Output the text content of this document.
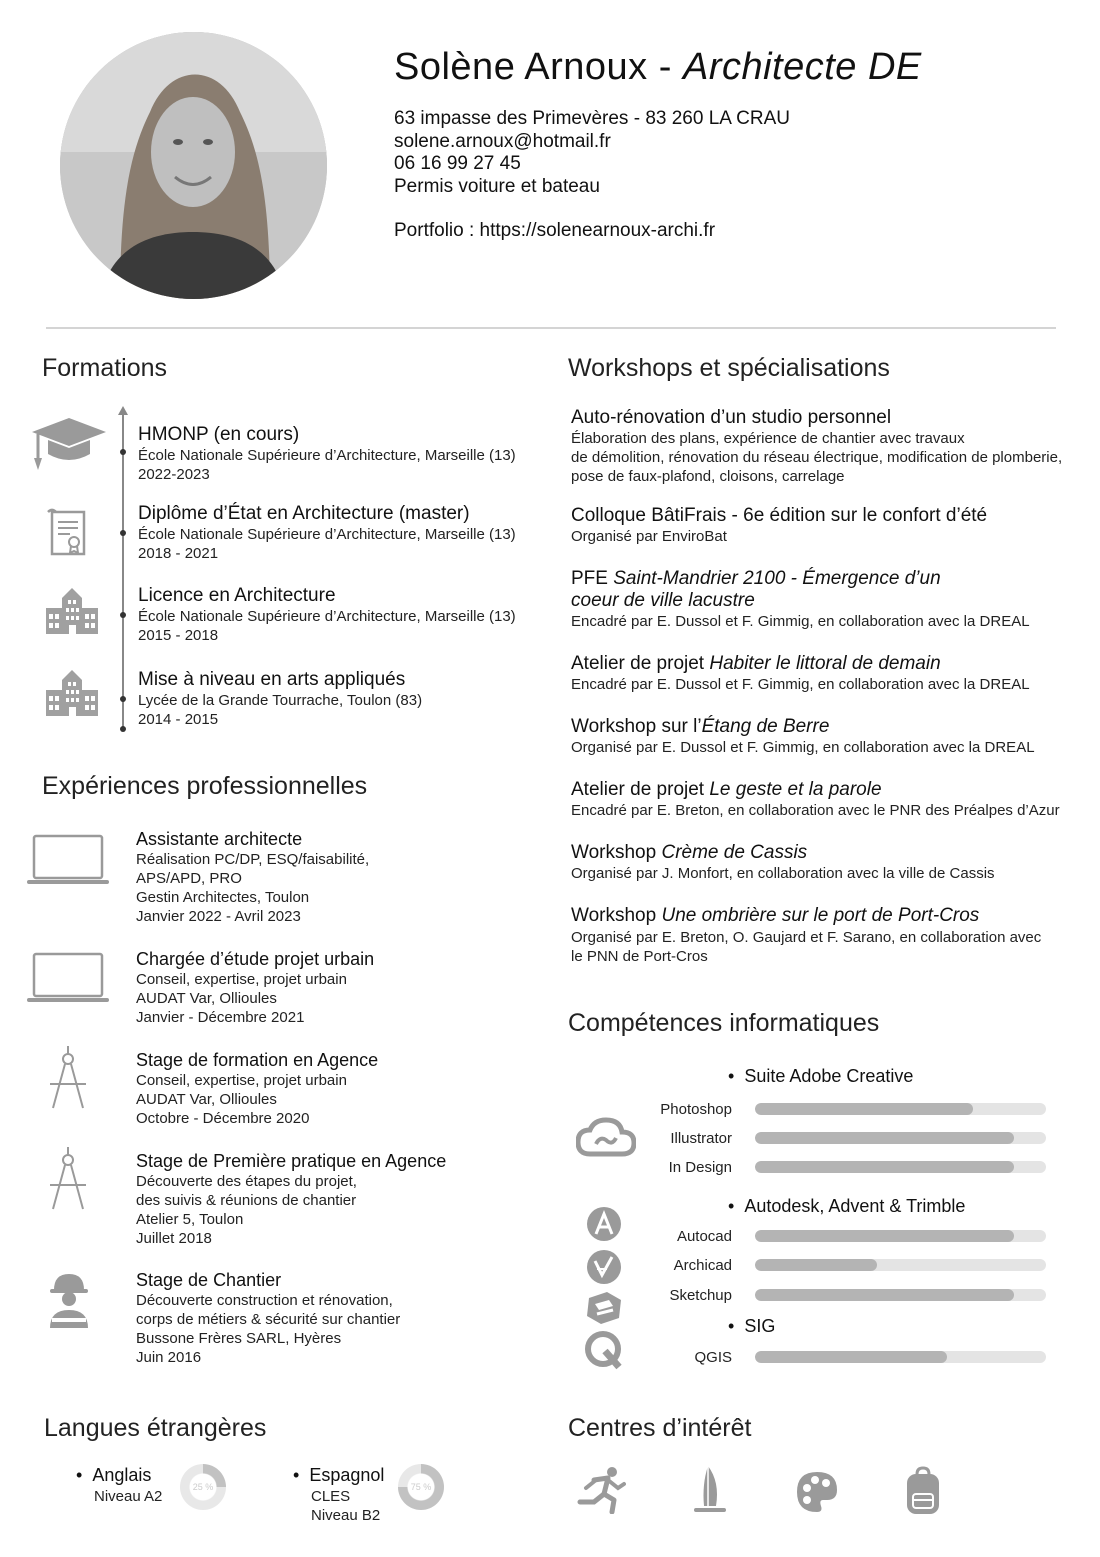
Solène Arnoux - Architecte DE
63 impasse des Primevères - 83 260 LA CRAU
solene.arnoux@hotmail.fr
06 16 99 27 45
Permis voiture et bateau
Portfolio : https://solenearnoux-archi.fr
Formations
HMONP (en cours)
École Nationale Supérieure d’Architecture, Marseille (13)
2022-2023
Diplôme d’État en Architecture (master)
École Nationale Supérieure d’Architecture, Marseille (13)
2018 - 2021
Licence en Architecture
École Nationale Supérieure d’Architecture, Marseille (13)
2015 - 2018
Mise à niveau en arts appliqués
Lycée de la Grande Tourrache, Toulon (83)
2014 - 2015
Expériences professionnelles
Assistante architecte
Réalisation PC/DP, ESQ/faisabilité,
APS/APD, PRO
Gestin Architectes, Toulon
Janvier 2022 - Avril 2023
Chargée d’étude projet urbain
Conseil, expertise, projet urbain
AUDAT Var, Ollioules
Janvier - Décembre 2021
Stage de formation en Agence
Conseil, expertise, projet urbain
AUDAT Var, Ollioules
Octobre - Décembre 2020
Stage de Première pratique en Agence
Découverte des étapes du projet,
des suivis & réunions de chantier
Atelier 5, Toulon
Juillet 2018
Stage de Chantier
Découverte construction et rénovation,
corps de métiers & sécurité sur chantier
Bussone Frères SARL, Hyères
Juin 2016
Workshops et spécialisations
Auto-rénovation d’un studio personnel
Élaboration des plans, expérience de chantier avec travaux
de démolition, rénovation du réseau électrique, modification de plomberie,
pose de faux-plafond, cloisons, carrelage
Colloque BâtiFrais - 6e édition sur le confort d’été
Organisé par EnviroBat
PFE Saint-Mandrier 2100 - Émergence d’un
coeur de ville lacustre
Encadré par E. Dussol et F. Gimmig, en collaboration avec la DREAL
Atelier de projet Habiter le littoral de demain
Encadré par E. Dussol et F. Gimmig, en collaboration avec la DREAL
Workshop sur l’Étang de Berre
Organisé par E. Dussol et F. Gimmig, en collaboration avec la DREAL
Atelier de projet Le geste et la parole
Encadré par E. Breton, en collaboration avec le PNR des Préalpes d’Azur
Workshop Crème de Cassis
Organisé par J. Monfort, en collaboration avec la ville de Cassis
Workshop Une ombrière sur le port de Port-Cros
Organisé par E. Breton, O. Gaujard et F. Sarano, en collaboration avec
le PNN de Port-Cros
Compétences informatiques
•  Suite Adobe Creative
•  Autodesk, Advent & Trimble
•  SIG
Photoshop
Illustrator
In Design
Autocad
Archicad
Sketchup
QGIS
Langues étrangères
•  Anglais
Niveau A2
25 %
•  Espagnol
CLES
Niveau B2
75 %
Centres d’intérêt
